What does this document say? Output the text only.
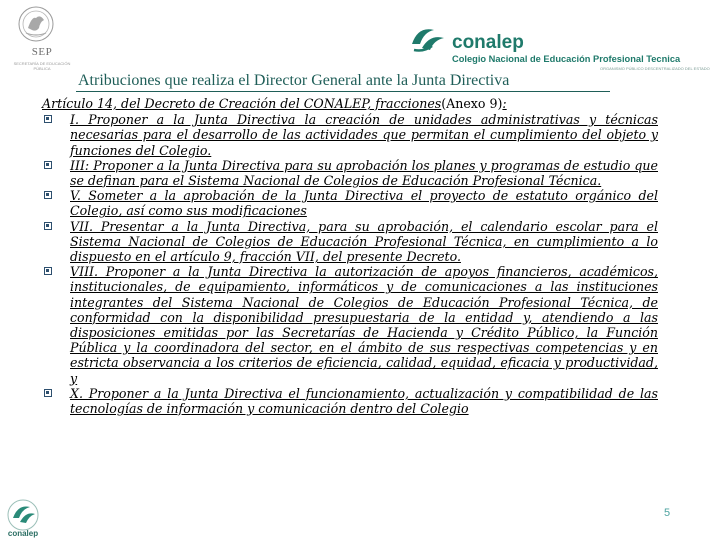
SEP
SECRETARÍA DE EDUCACIÓN PÚBLICA
conalep
Colegio Nacional de Educación Profesional Tecnica
ORGANISMO PÚBLICO DESCENTRALIZADO DEL ESTADO
Atribuciones que realiza el Director General ante la Junta Directiva

Artículo 14, del Decreto de Creación del CONALEP, fracciones(Anexo 9):

I. Proponer a la Junta Directiva la creación de unidades administrativas y técnicas necesarias para el desarrollo de las actividades que permitan el cumplimiento del objeto y funciones del Colegio.
III: Proponer a la Junta Directiva para su aprobación los planes y programas de estudio que se definan para el Sistema Nacional de Colegios de Educación Profesional Técnica.
V. Someter a la aprobación de la Junta Directiva el proyecto de estatuto orgánico del Colegio, así como sus modificaciones
VII. Presentar a la Junta Directiva, para su aprobación, el calendario escolar para el Sistema Nacional de Colegios de Educación Profesional Técnica, en cumplimiento a lo dispuesto en el artículo 9, fracción VII, del presente Decreto.
VIII. Proponer a la Junta Directiva la autorización de apoyos financieros, académicos, institucionales, de equipamiento, informáticos y de comunicaciones a las instituciones integrantes del Sistema Nacional de Colegios de Educación Profesional Técnica, de conformidad con la disponibilidad presupuestaria de la entidad y, atendiendo a las disposiciones emitidas por las Secretarías de Hacienda y Crédito Público, la Función Pública y la coordinadora del sector, en el ámbito de sus respectivas competencias y en estricta observancia a los criterios de eficiencia, calidad, equidad, eficacia y productividad, y
X. Proponer a la Junta Directiva el funcionamiento, actualización y compatibilidad de las tecnologías de información y comunicación dentro del Colegio
conalep
5
